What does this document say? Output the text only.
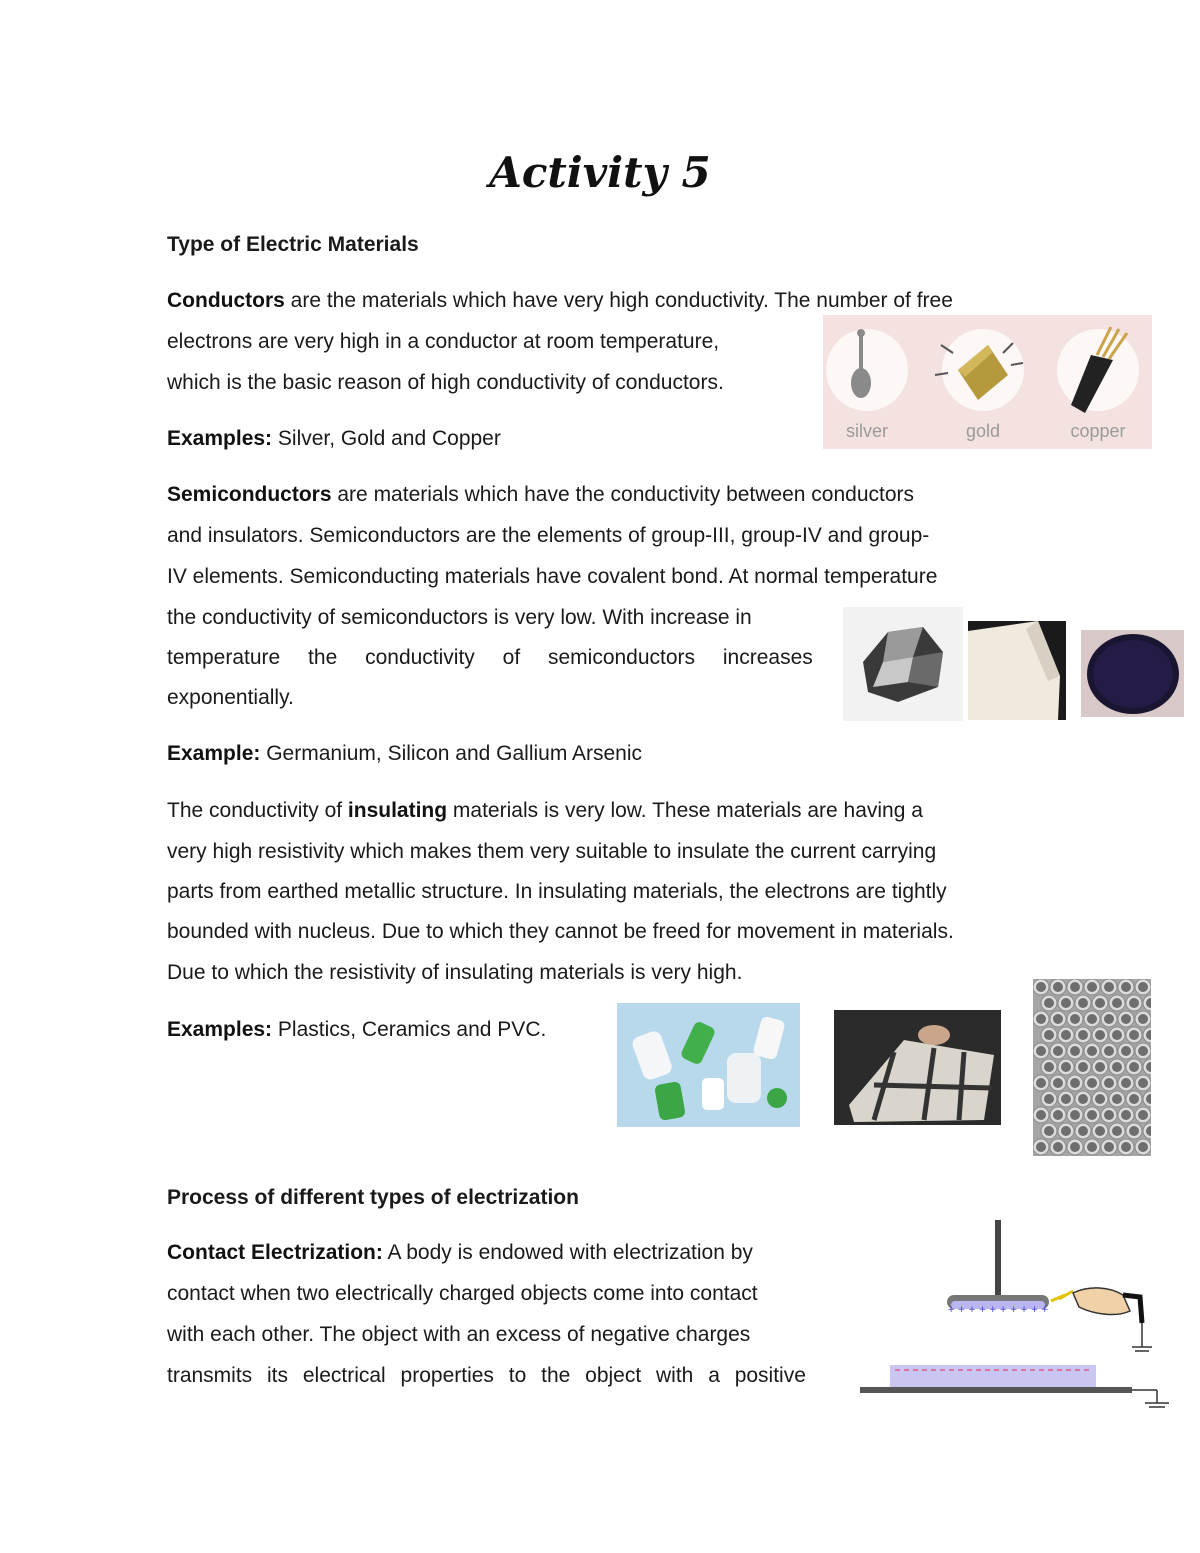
Activity 5

Type of Electric Materials

Conductors are the materials which have very high conductivity. The number of free

electrons are very high in a conductor at room temperature,

which is the basic reason of high conductivity of conductors.

Examples: Silver, Gold and Copper	silver	gold	copper

Semiconductors are materials which have the conductivity between conductors

and insulators. Semiconductors are the elements of group-III, group-IV and group-

IV elements. Semiconducting materials have covalent bond. At normal temperature

the conductivity of semiconductors is very low. With increase in

temperature the conductivity of semiconductors increases

exponentially.

Example: Germanium, Silicon and Gallium Arsenic

The conductivity of insulating materials is very low. These materials are having a

very high resistivity which makes them very suitable to insulate the current carrying

parts from earthed metallic structure. In insulating materials, the electrons are tightly

bounded with nucleus. Due to which they cannot be freed for movement in materials.

Due to which the resistivity of insulating materials is very high.

Examples: Plastics, Ceramics and PVC.

Process of different types of electrization

Contact Electrization: A body is endowed with electrization by

contact when two electrically charged objects come into contact

with each other. The object with an excess of negative charges

transmits its electrical properties to the object with a positive

+ + + + + + + + + +
